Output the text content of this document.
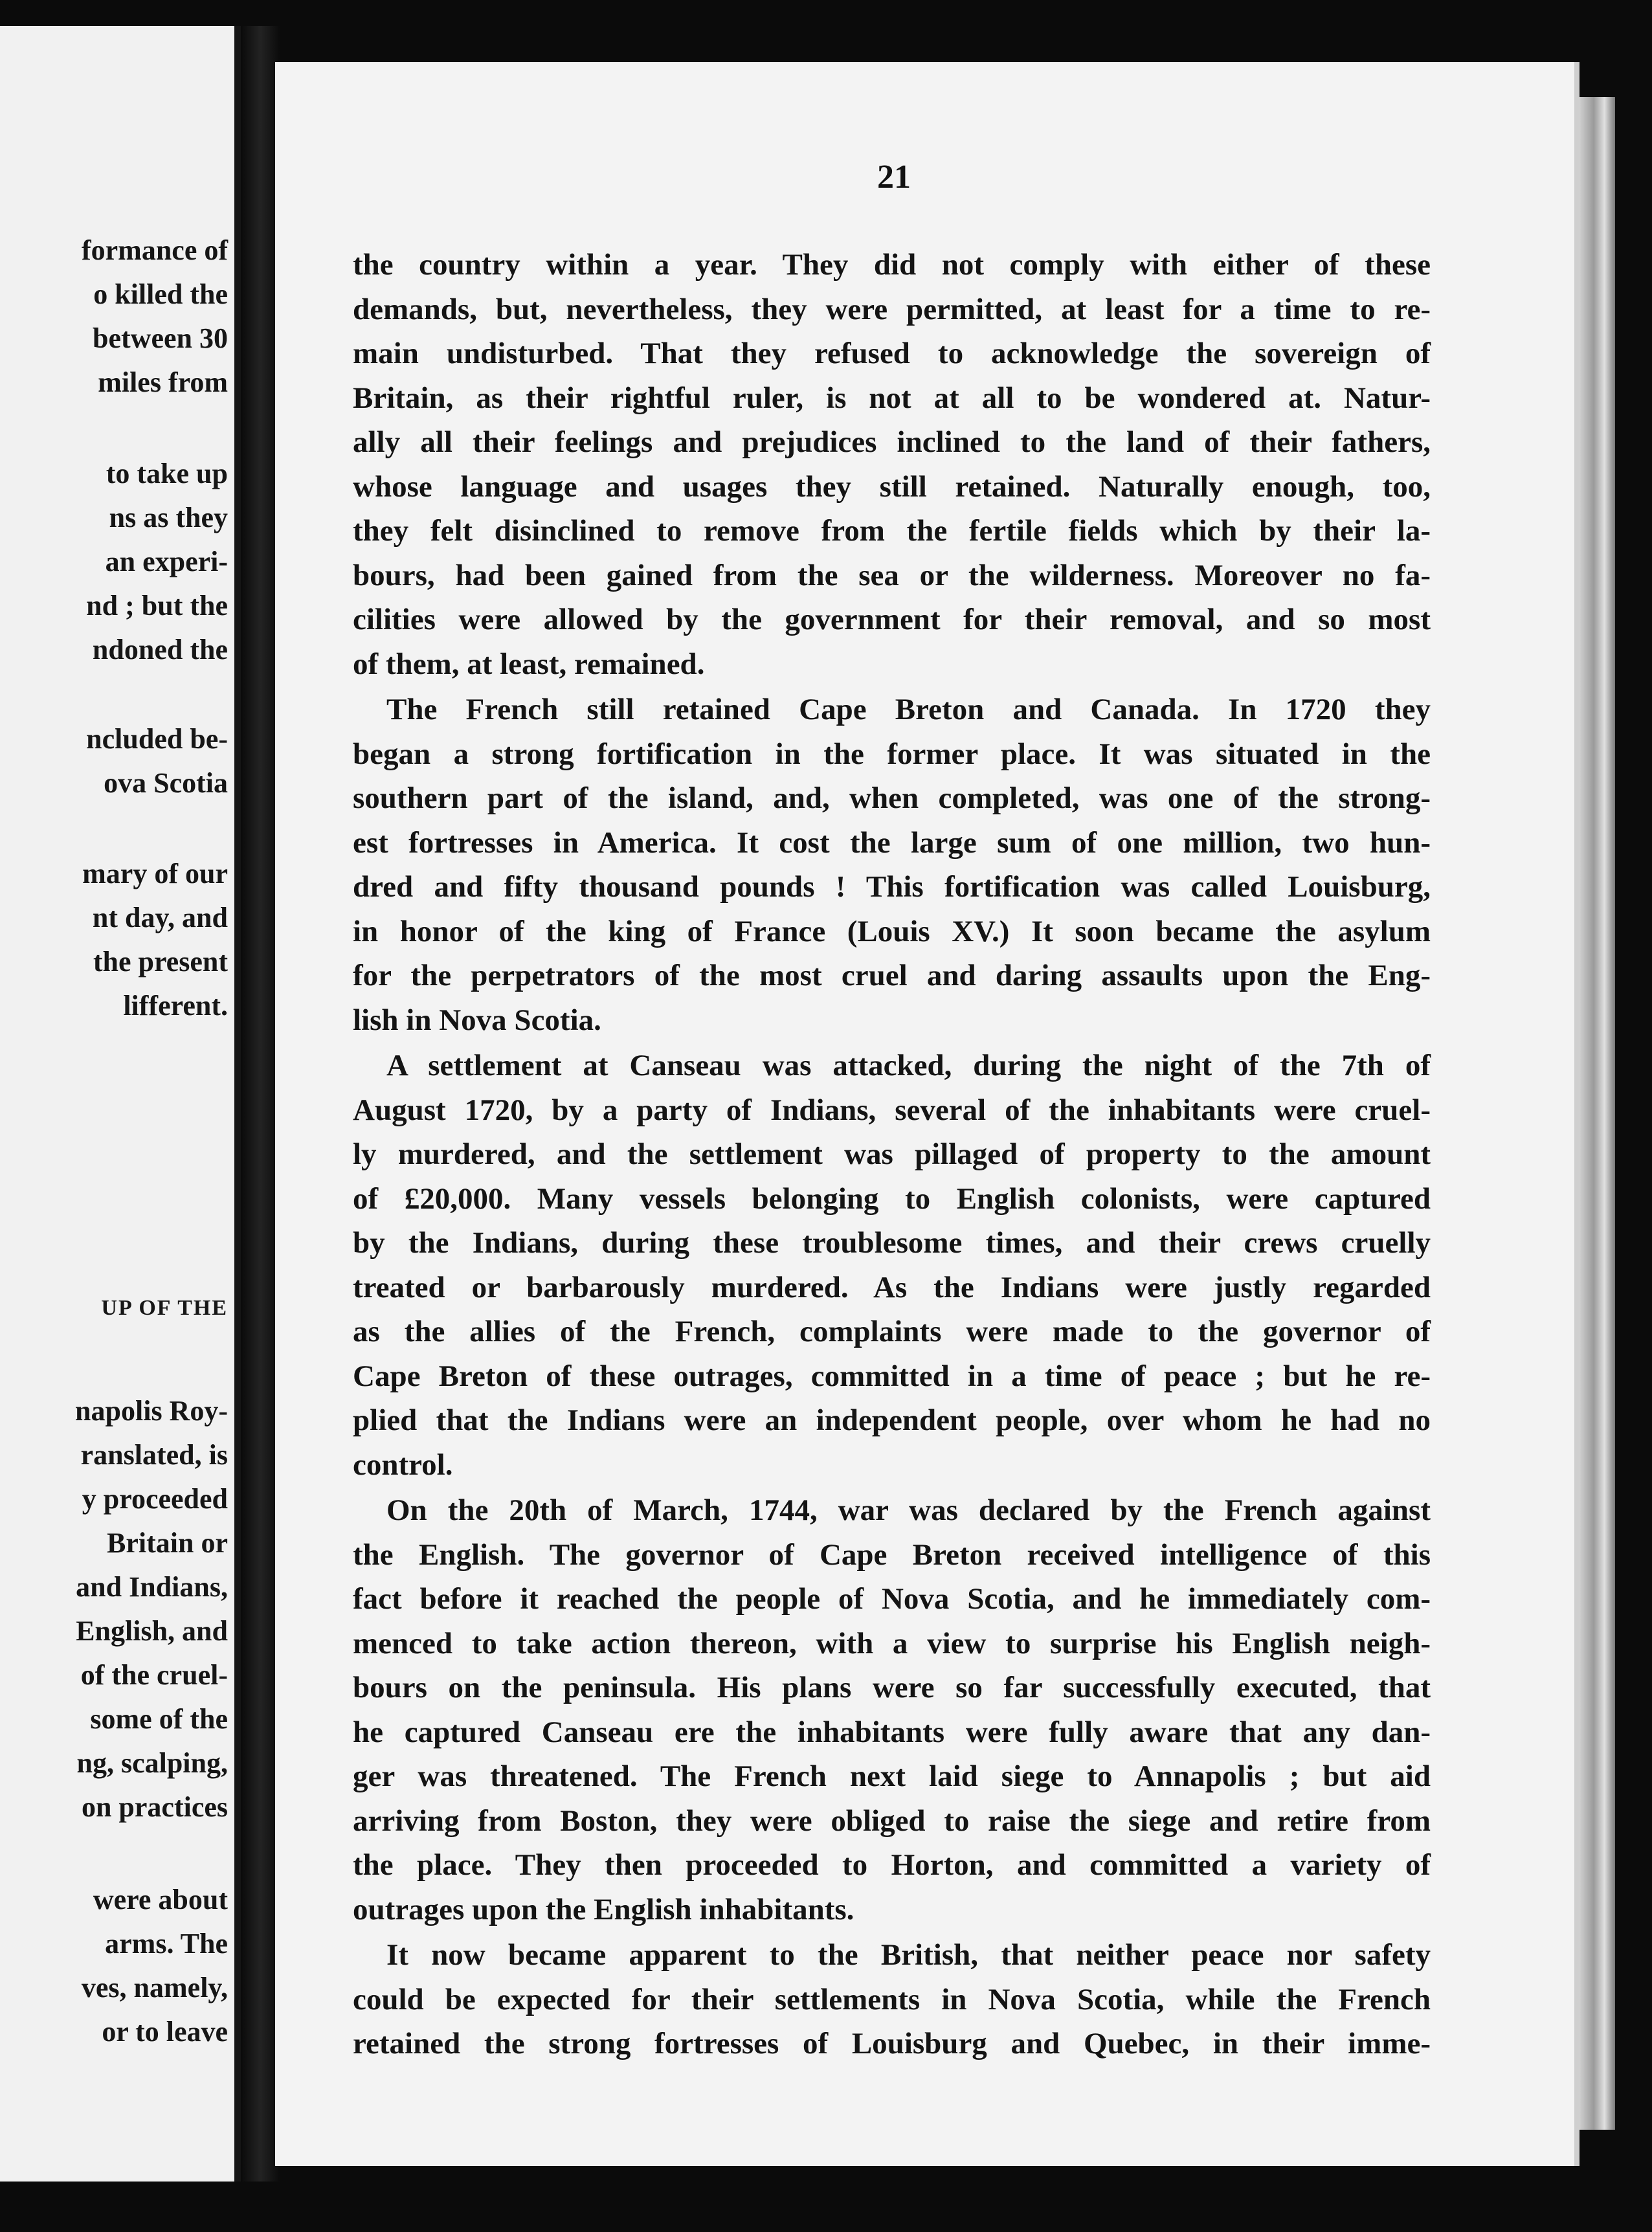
formance of
o killed the
between 30
miles from
to take up
ns as they
an experi-
nd ; but the
ndoned the
ncluded be-
ova Scotia
mary of our
nt day, and
the present
lifferent.
UP OF THE
napolis Roy-
ranslated, is
y proceeded
Britain or
and Indians,
English, and
of the cruel-
some of the
ng, scalping,
on practices
were about
arms. The
ves, namely,
or to leave
21
the country within a year. They did not comply with either of these
demands, but, nevertheless, they were permitted, at least for a time to re-
main undisturbed. That they refused to acknowledge the sovereign of
Britain, as their rightful ruler, is not at all to be wondered at. Natur-
ally all their feelings and prejudices inclined to the land of their fathers,
whose language and usages they still retained. Naturally enough, too,
they felt disinclined to remove from the fertile fields which by their la-
bours, had been gained from the sea or the wilderness. Moreover no fa-
cilities were allowed by the government for their removal, and so most
of them, at least, remained.
The French still retained Cape Breton and Canada. In 1720 they
began a strong fortification in the former place. It was situated in the
southern part of the island, and, when completed, was one of the strong-
est fortresses in America. It cost the large sum of one million, two hun-
dred and fifty thousand pounds ! This fortification was called Louisburg,
in honor of the king of France (Louis XV.) It soon became the asylum
for the perpetrators of the most cruel and daring assaults upon the Eng-
lish in Nova Scotia.
A settlement at Canseau was attacked, during the night of the 7th of
August 1720, by a party of Indians, several of the inhabitants were cruel-
ly murdered, and the settlement was pillaged of property to the amount
of £20,000. Many vessels belonging to English colonists, were captured
by the Indians, during these troublesome times, and their crews cruelly
treated or barbarously murdered. As the Indians were justly regarded
as the allies of the French, complaints were made to the governor of
Cape Breton of these outrages, committed in a time of peace ; but he re-
plied that the Indians were an independent people, over whom he had no
control.
On the 20th of March, 1744, war was declared by the French against
the English. The governor of Cape Breton received intelligence of this
fact before it reached the people of Nova Scotia, and he immediately com-
menced to take action thereon, with a view to surprise his English neigh-
bours on the peninsula. His plans were so far successfully executed, that
he captured Canseau ere the inhabitants were fully aware that any dan-
ger was threatened. The French next laid siege to Annapolis ; but aid
arriving from Boston, they were obliged to raise the siege and retire from
the place. They then proceeded to Horton, and committed a variety of
outrages upon the English inhabitants.
It now became apparent to the British, that neither peace nor safety
could be expected for their settlements in Nova Scotia, while the French
retained the strong fortresses of Louisburg and Quebec, in their imme-
